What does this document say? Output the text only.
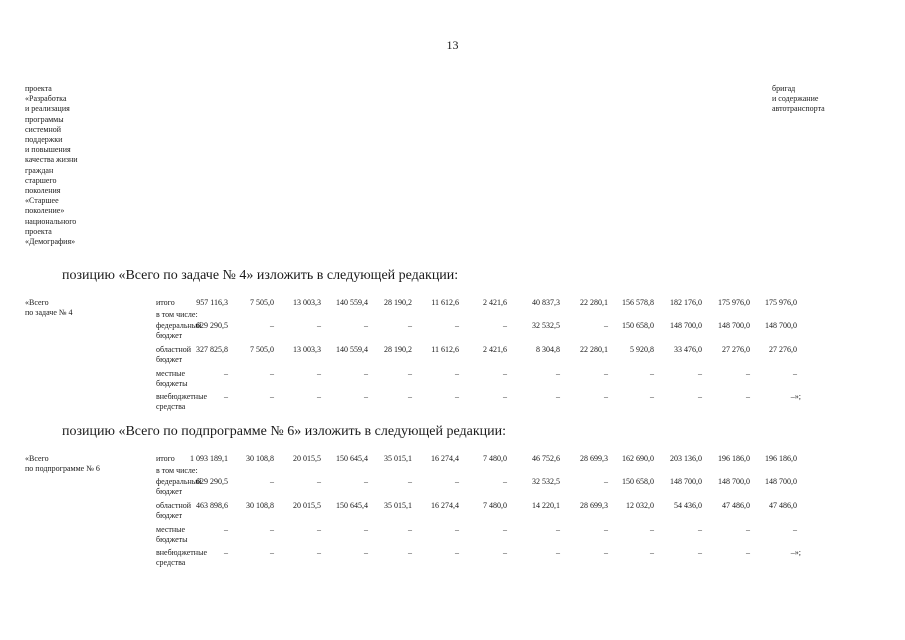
13
проекта
«Разработка
и реализация
программы
системной
поддержки
и повышения
качества жизни
граждан
старшего
поколения
«Старшее
поколение»
национального
проекта
«Демография»
бригад
и содержание
автотранспорта
позицию «Всего по задаче № 4» изложить в следующей редакции:
«Всего
по задаче № 4
итого	957 116,3	7 505,0	13 003,3	140 559,4	28 190,2	11 612,6	2 421,6	40 837,3	22 280,1	156 578,8	182 176,0	175 976,0	175 976,0
в том числе:
федеральный
бюджет
629 290,5	–	–	–	–	–	–	32 532,5	–	150 658,0	148 700,0	148 700,0	148 700,0
областной
бюджет
327 825,8	7 505,0	13 003,3	140 559,4	28 190,2	11 612,6	2 421,6	8 304,8	22 280,1	5 920,8	33 476,0	27 276,0	27 276,0
местные
бюджеты
–	–	–	–	–	–	–	–	–	–	–	–	–
внебюджетные
средства
–	–	–	–	–	–	–	–	–	–	–	–	–»;
позицию «Всего по подпрограмме № 6» изложить в следующей редакции:
«Всего
по подпрограмме № 6
итого	1 093 189,1	30 108,8	20 015,5	150 645,4	35 015,1	16 274,4	7 480,0	46 752,6	28 699,3	162 690,0	203 136,0	196 186,0	196 186,0
в том числе:
федеральный
бюджет
629 290,5	–	–	–	–	–	–	32 532,5	–	150 658,0	148 700,0	148 700,0	148 700,0
областной
бюджет
463 898,6	30 108,8	20 015,5	150 645,4	35 015,1	16 274,4	7 480,0	14 220,1	28 699,3	12 032,0	54 436,0	47 486,0	47 486,0
местные
бюджеты
–	–	–	–	–	–	–	–	–	–	–	–	–
внебюджетные
средства
–	–	–	–	–	–	–	–	–	–	–	–	–»;
